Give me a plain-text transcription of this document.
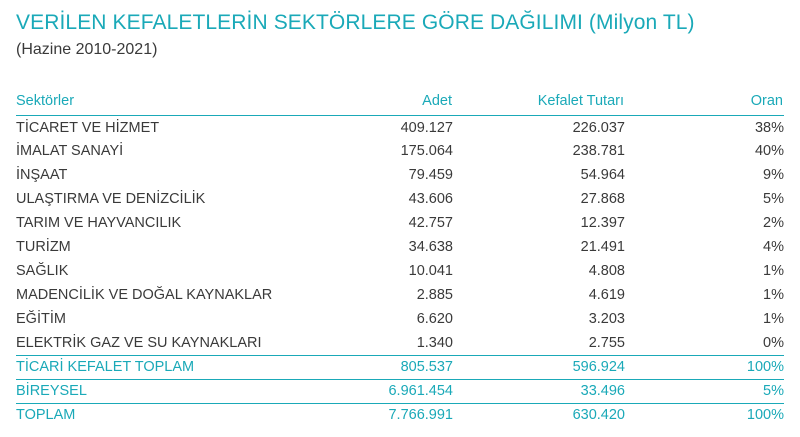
VERİLEN KEFALETLERİN SEKTÖRLERE GÖRE DAĞILIMI (Milyon TL)
(Hazine 2010-2021)
Sektörler	Adet	Kefalet Tutarı	Oran
TİCARET VE HİZMET	409.127	226.037	38%
İMALAT SANAYİ	175.064	238.781	40%
İNŞAAT	79.459	54.964	9%
ULAŞTIRMA VE DENİZCİLİK	43.606	27.868	5%
TARIM VE HAYVANCILIK	42.757	12.397	2%
TURİZM	34.638	21.491	4%
SAĞLIK	10.041	4.808	1%
MADENCİLİK VE DOĞAL KAYNAKLAR	2.885	4.619	1%
EĞİTİM	6.620	3.203	1%
ELEKTRİK GAZ VE SU KAYNAKLARI	1.340	2.755	0%
TİCARİ KEFALET TOPLAM	805.537	596.924	100%
BİREYSEL	6.961.454	33.496	5%
TOPLAM	7.766.991	630.420	100%
